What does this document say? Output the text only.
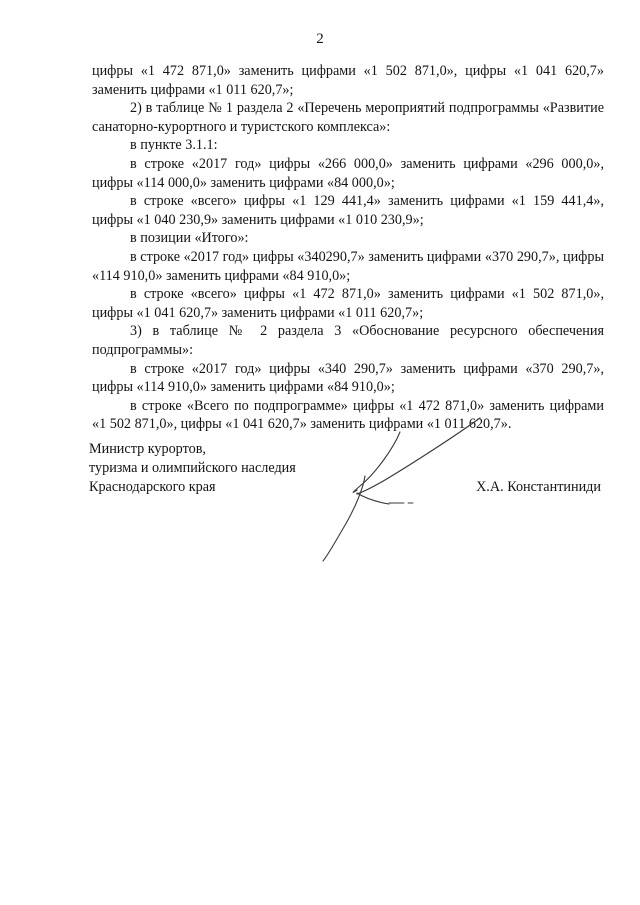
2

цифры «1 472 871,0» заменить цифрами «1 502 871,0», цифры «1 041 620,7» заменить цифрами «1 011 620,7»;

2) в таблице № 1 раздела 2 «Перечень мероприятий подпрограммы «Развитие санаторно-курортного и туристского комплекса»:

в пункте 3.1.1:

в строке «2017 год» цифры «266 000,0» заменить цифрами «296 000,0», цифры «114 000,0» заменить цифрами «84 000,0»;

в строке «всего» цифры «1 129 441,4» заменить цифрами «1 159 441,4», цифры «1 040 230,9» заменить цифрами «1 010 230,9»;

в позиции «Итого»:

в строке «2017 год» цифры «340290,7» заменить цифрами «370 290,7», цифры «114 910,0» заменить цифрами «84 910,0»;

в строке «всего» цифры «1 472 871,0» заменить цифрами «1 502 871,0», цифры «1 041 620,7» заменить цифрами «1 011 620,7»;

3) в таблице № 2 раздела 3 «Обоснование ресурсного обеспечения подпрограммы»:

в строке «2017 год» цифры «340 290,7» заменить цифрами «370 290,7», цифры «114 910,0» заменить цифрами «84 910,0»;

в строке «Всего по подпрограмме» цифры «1 472 871,0» заменить цифрами «1 502 871,0», цифры «1 041 620,7» заменить цифрами «1 011 620,7».

Министр курортов,
туризма и олимпийского наследия
Краснодарского края	Х.А. Константиниди
